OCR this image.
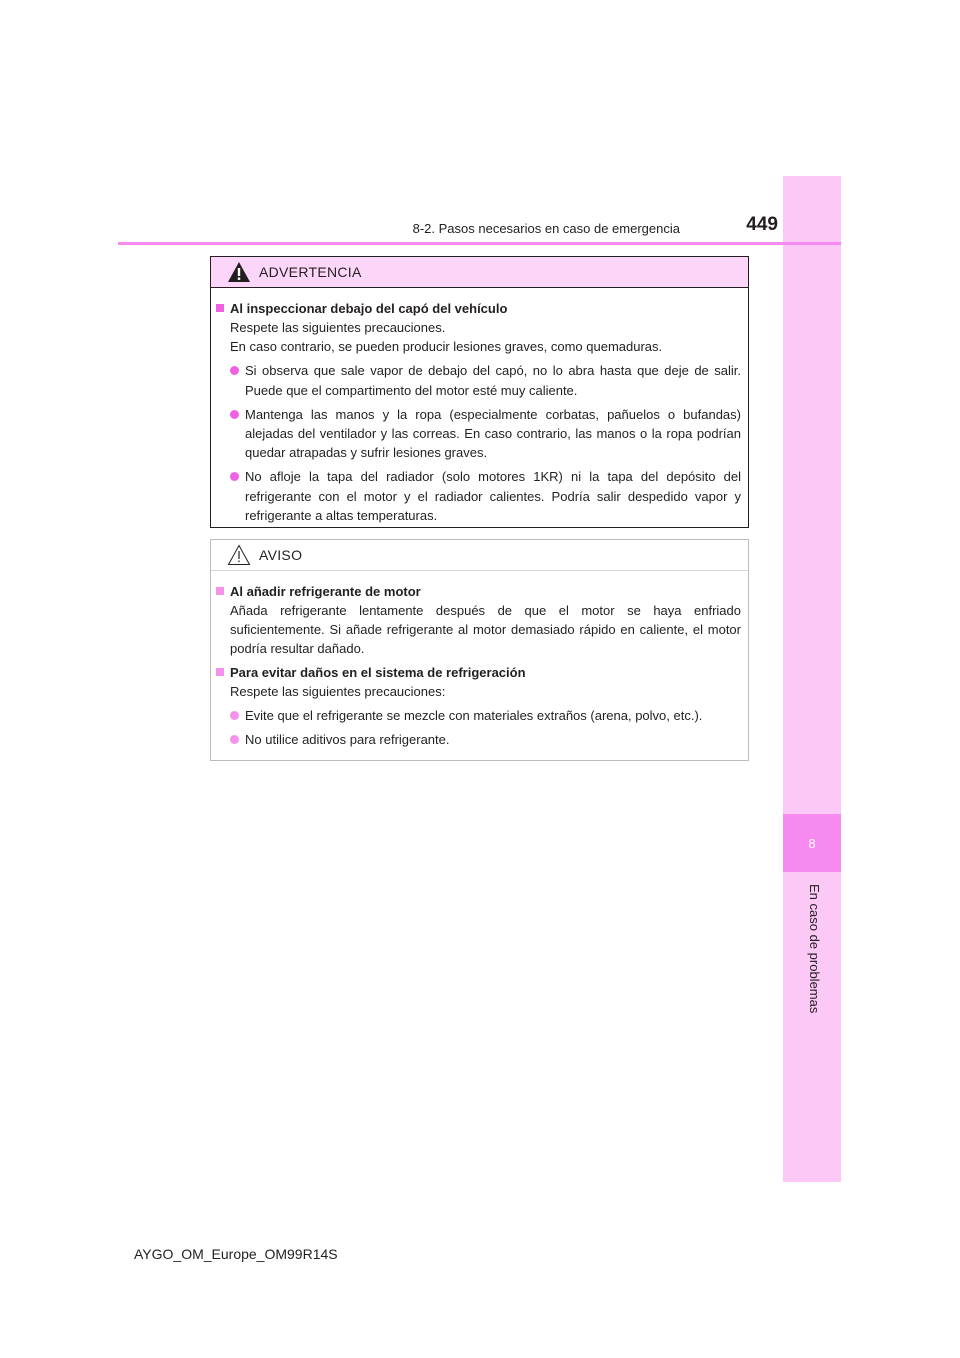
8
En caso de problemas
8-2. Pasos necesarios en caso de emergencia	449
ADVERTENCIA
Al inspeccionar debajo del capó del vehículo

Respete las siguientes precauciones.

En caso contrario, se pueden producir lesiones graves, como quemaduras.

Si observa que sale vapor de debajo del capó, no lo abra hasta que deje de salir. Puede que el compartimento del motor esté muy caliente.
Mantenga las manos y la ropa (especialmente corbatas, pañuelos o bufandas) alejadas del ventilador y las correas. En caso contrario, las manos o la ropa podrían quedar atrapadas y sufrir lesiones graves.
No afloje la tapa del radiador (solo motores 1KR) ni la tapa del depósito del refrigerante con el motor y el radiador calientes. Podría salir despedido vapor y refrigerante a altas temperaturas.
AVISO
Al añadir refrigerante de motor

Añada refrigerante lentamente después de que el motor se haya enfriado suficientemente. Si añade refrigerante al motor demasiado rápido en caliente, el motor podría resultar dañado.

Para evitar daños en el sistema de refrigeración

Respete las siguientes precauciones:

Evite que el refrigerante se mezcle con materiales extraños (arena, polvo, etc.).
No utilice aditivos para refrigerante.
AYGO_OM_Europe_OM99R14S
